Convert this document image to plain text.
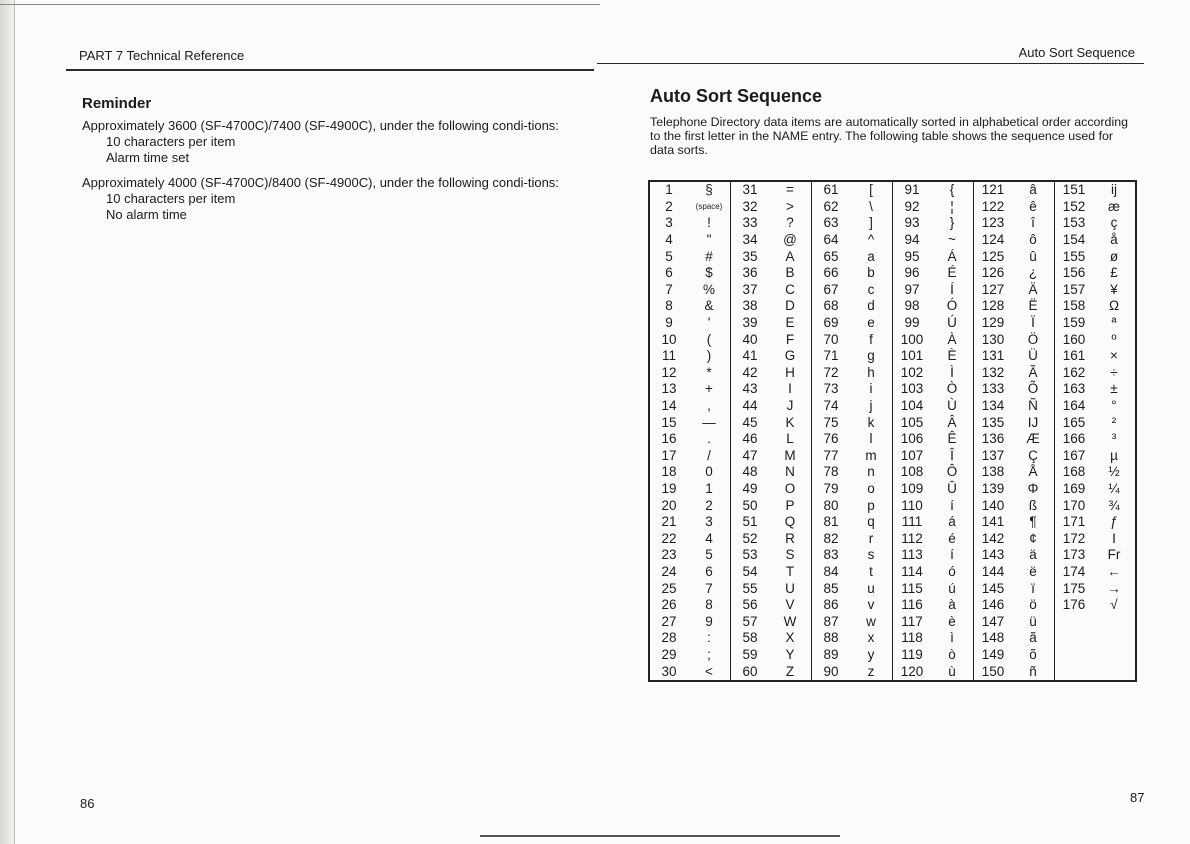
PART 7 Technical Reference	Auto Sort Sequence
Reminder

Approximately 3600 (SF-4700C)/7400 (SF-4900C), under the following condi-tions:

10 characters per item

Alarm time set

Approximately 4000 (SF-4700C)/8400 (SF-4900C), under the following condi-tions:

10 characters per item

No alarm time

Auto Sort Sequence

Telephone Directory data items are automatically sorted in alphabetical order according to the first letter in the NAME entry. The following table shows the sequence used for data sorts.

1	§	31	=	61	[	91	{	121	â	151	ij
2	(space)	32	>	62	\	92	¦	122	ê	152	æ
3	!	33	?	63	]	93	}	123	î	153	ç
4	"	34	@	64	^	94	~	124	ô	154	å
5	#	35	A	65	a	95	Á	125	û	155	ø
6	$	36	B	66	b	96	É	126	¿	156	£
7	%	37	C	67	c	97	Í	127	Ä	157	¥
8	&	38	D	68	d	98	Ó	128	Ë	158	Ω
9	'	39	E	69	e	99	Ú	129	Ï	159	ª
10	(	40	F	70	f	100	À	130	Ö	160	º
11	)	41	G	71	g	101	È	131	Ü	161	×
12	*	42	H	72	h	102	Ì	132	Ã	162	÷
13	+	43	I	73	i	103	Ò	133	Õ	163	±
14	,	44	J	74	j	104	Ù	134	Ñ	164	°
15	—	45	K	75	k	105	Â	135	IJ	165	²
16	.	46	L	76	l	106	Ê	136	Æ	166	³
17	/	47	M	77	m	107	Î	137	Ç	167	µ
18	0	48	N	78	n	108	Ô	138	Å	168	½
19	1	49	O	79	o	109	Û	139	Φ	169	¼
20	2	50	P	80	p	110	í	140	ß	170	¾
21	3	51	Q	81	q	111	á	141	¶	171	ƒ
22	4	52	R	82	r	112	é	142	¢	172	I
23	5	53	S	83	s	113	í	143	ä	173	Fr
24	6	54	T	84	t	114	ó	144	ë	174	←
25	7	55	U	85	u	115	ú	145	ï	175	→
26	8	56	V	86	v	116	à	146	ö	176	√
27	9	57	W	87	w	117	è	147	ü		
28	:	58	X	88	x	118	ì	148	ã		
29	;	59	Y	89	y	119	ò	149	õ		
30	<	60	Z	90	z	120	ù	150	ñ		
86	87
